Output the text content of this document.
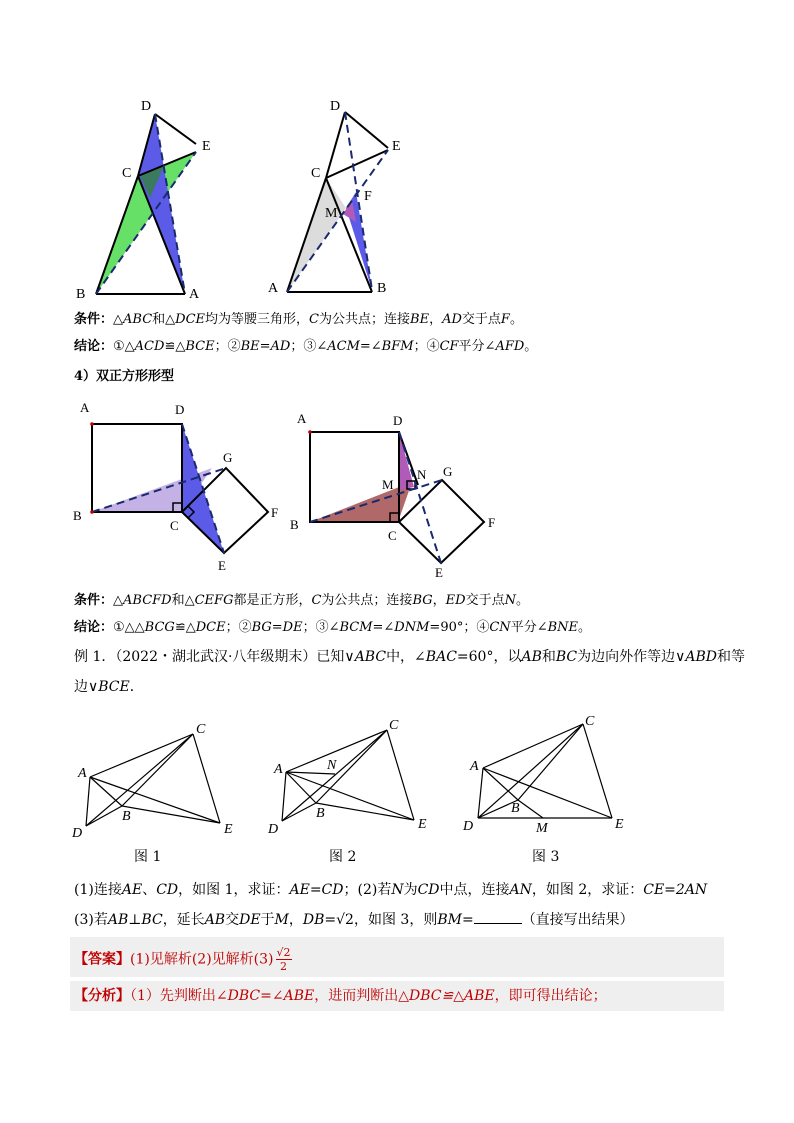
D
E
C
B	A
D
E
C
F
M
A	B
条件：△ABC和△DCE均为等腰三角形，C为公共点；连接BE，AD交于点F。
结论：①△ACD≌△BCE；②BE=AD；③∠ACM=∠BFM；④CF平分∠AFD。
4）双正方形形型
A	D
G
B	F
C
E
A	D
N G
M
B	F
C
E
条件：△ABCFD和△CEFG都是正方形，C为公共点；连接BG，ED交于点N。
结论：①△△BCG≌△DCE；②BG=DE；③∠BCM=∠DNM=90°；④CN平分∠BNE。
例 1．（2022・湖北武汉·八年级期末）已知∨ABC中，∠BAC=60°，以AB和BC为边向外作等边∨ABD和等
边∨BCE．
C
A
B
D	E
C
A	N
B
D	E
C
A
B
D	M	E
图 1	图 2	图 3
(1)连接AE、CD，如图 1，求证：AE=CD；(2)若N为CD中点，连接AN，如图 2，求证：CE=2AN
(3)若AB⊥BC，延长AB交DE于M，DB=√2，如图 3，则BM=	（直接写出结果）
【答案】(1)见解析(2)见解析$(3) \frac{√2}{2}$
【分析】（1）先判断出∠DBC=∠ABE，进而判断出△DBC≌△ABE，即可得出结论；
